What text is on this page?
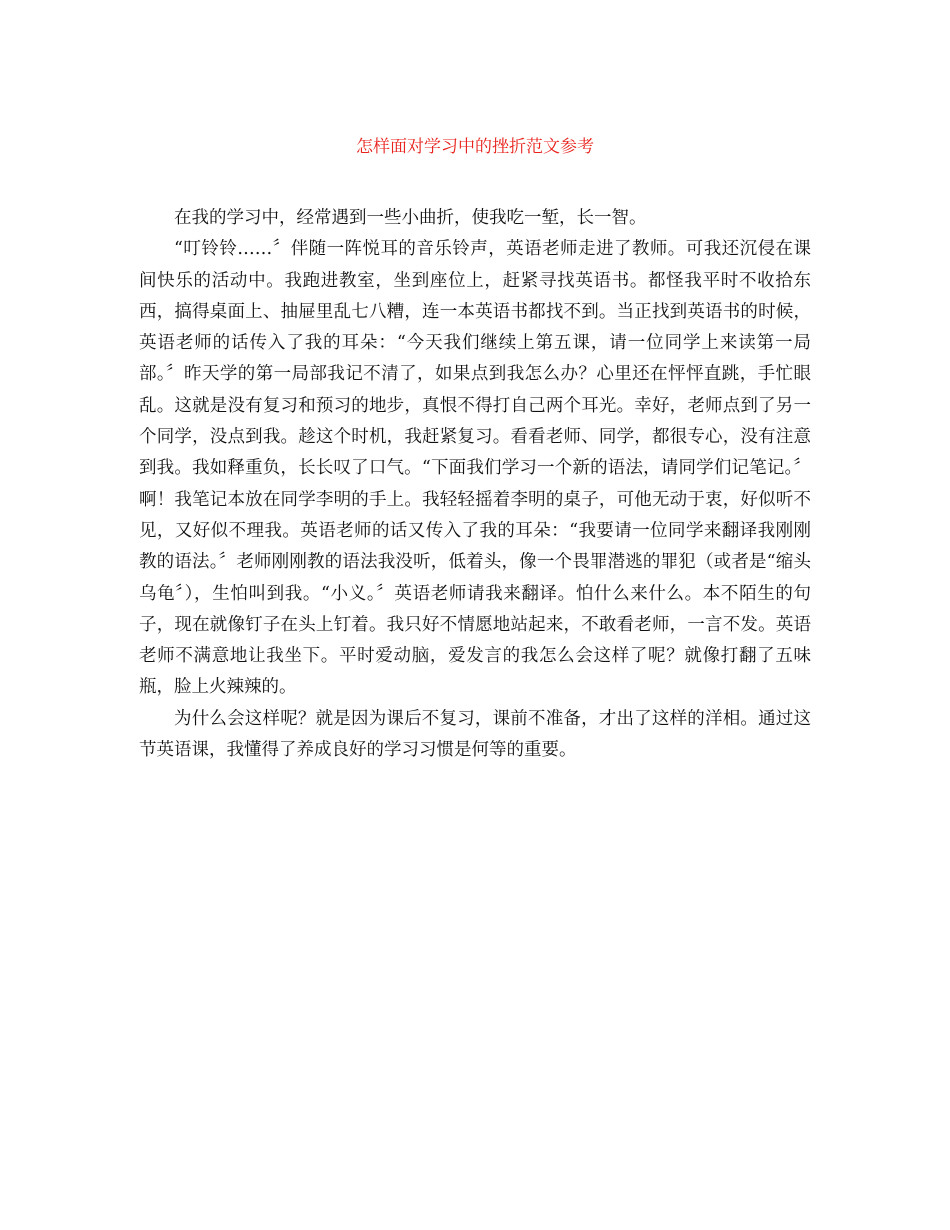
怎样面对学习中的挫折范文参考

在我的学习中，经常遇到一些小曲折，使我吃一堑，长一智。

“叮铃铃……〞伴随一阵悦耳的音乐铃声，英语老师走进了教师。可我还沉侵在课间快乐的活动中。我跑进教室，坐到座位上，赶紧寻找英语书。都怪我平时不收拾东西，搞得桌面上、抽屉里乱七八糟，连一本英语书都找不到。当正找到英语书的时候，英语老师的话传入了我的耳朵：“今天我们继续上第五课，请一位同学上来读第一局部。〞昨天学的第一局部我记不清了，如果点到我怎么办？心里还在怦怦直跳，手忙眼乱。这就是没有复习和预习的地步，真恨不得打自己两个耳光。幸好，老师点到了另一个同学，没点到我。趁这个时机，我赶紧复习。看看老师、同学，都很专心，没有注意到我。我如释重负，长长叹了口气。“下面我们学习一个新的语法，请同学们记笔记。〞啊！我笔记本放在同学李明的手上。我轻轻摇着李明的桌子，可他无动于衷，好似听不见，又好似不理我。英语老师的话又传入了我的耳朵：“我要请一位同学来翻译我刚刚教的语法。〞老师刚刚教的语法我没听，低着头，像一个畏罪潜逃的罪犯（或者是“缩头乌龟〞），生怕叫到我。“小义。〞英语老师请我来翻译。怕什么来什么。本不陌生的句子，现在就像钉子在头上钉着。我只好不情愿地站起来，不敢看老师，一言不发。英语老师不满意地让我坐下。平时爱动脑，爱发言的我怎么会这样了呢？就像打翻了五味瓶，脸上火辣辣的。

为什么会这样呢？就是因为课后不复习，课前不准备，才出了这样的洋相。通过这节英语课，我懂得了养成良好的学习习惯是何等的重要。
